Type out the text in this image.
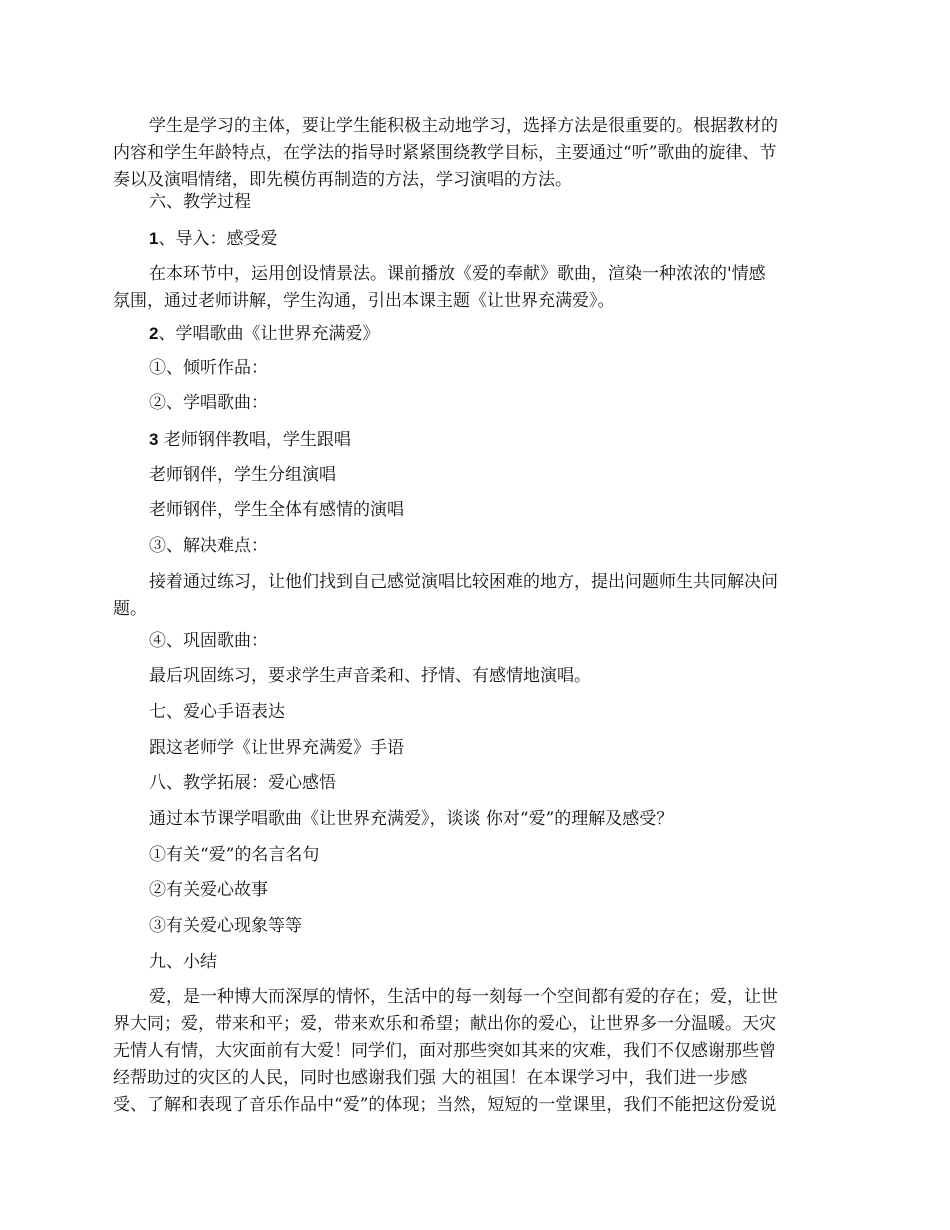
学生是学习的主体，要让学生能积极主动地学习，选择方法是很重要的。根据教材的
内容和学生年龄特点，在学法的指导时紧紧围绕教学目标，主要通过“听”歌曲的旋律、节
奏以及演唱情绪，即先模仿再制造的方法，学习演唱的方法。

六、教学过程

1、导入：感受爱

在本环节中，运用创设情景法。课前播放《爱的奉献》歌曲，渲染一种浓浓的'情感
氛围，通过老师讲解，学生沟通，引出本课主题《让世界充满爱》。

2、学唱歌曲《让世界充满爱》

①、倾听作品：

②、学唱歌曲：

3 老师钢伴教唱，学生跟唱

老师钢伴，学生分组演唱

老师钢伴，学生全体有感情的演唱

③、解决难点：

接着通过练习，让他们找到自己感觉演唱比较困难的地方，提出问题师生共同解决问
题。

④、巩固歌曲：

最后巩固练习，要求学生声音柔和、抒情、有感情地演唱。

七、爱心手语表达

跟这老师学《让世界充满爱》手语

八、教学拓展：爱心感悟

通过本节课学唱歌曲《让世界充满爱》，谈谈 你对“爱”的理解及感受？

①有关“爱”的名言名句

②有关爱心故事

③有关爱心现象等等

九、小结

爱，是一种博大而深厚的情怀，生活中的每一刻每一个空间都有爱的存在；爱，让世
界大同；爱，带来和平；爱，带来欢乐和希望；献出你的爱心，让世界多一分温暖。天灾
无情人有情，大灾面前有大爱！同学们，面对那些突如其来的灾难，我们不仅感谢那些曾
经帮助过的灾区的人民，同时也感谢我们强 大的祖国！在本课学习中，我们进一步感
受、了解和表现了音乐作品中“爱”的体现；当然，短短的一堂课里，我们不能把这份爱说
